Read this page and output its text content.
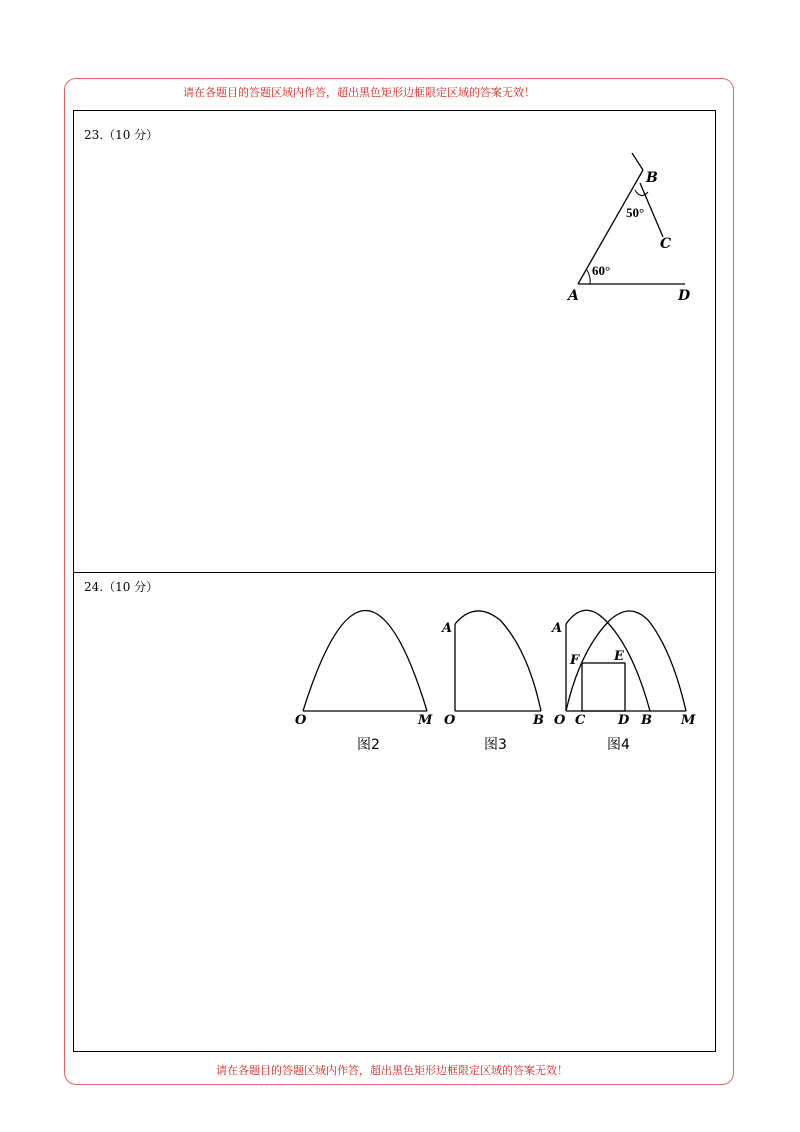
请在各题目的答题区域内作答，超出黑色矩形边框限定区域的答案无效！
23.（10 分）
24.（10 分）
B
C
A	D
50°
60°
O	M
图2
A
O	B
图3
A
F	E
O C	D B M
图4
请在各题目的答题区域内作答，超出黑色矩形边框限定区域的答案无效！
